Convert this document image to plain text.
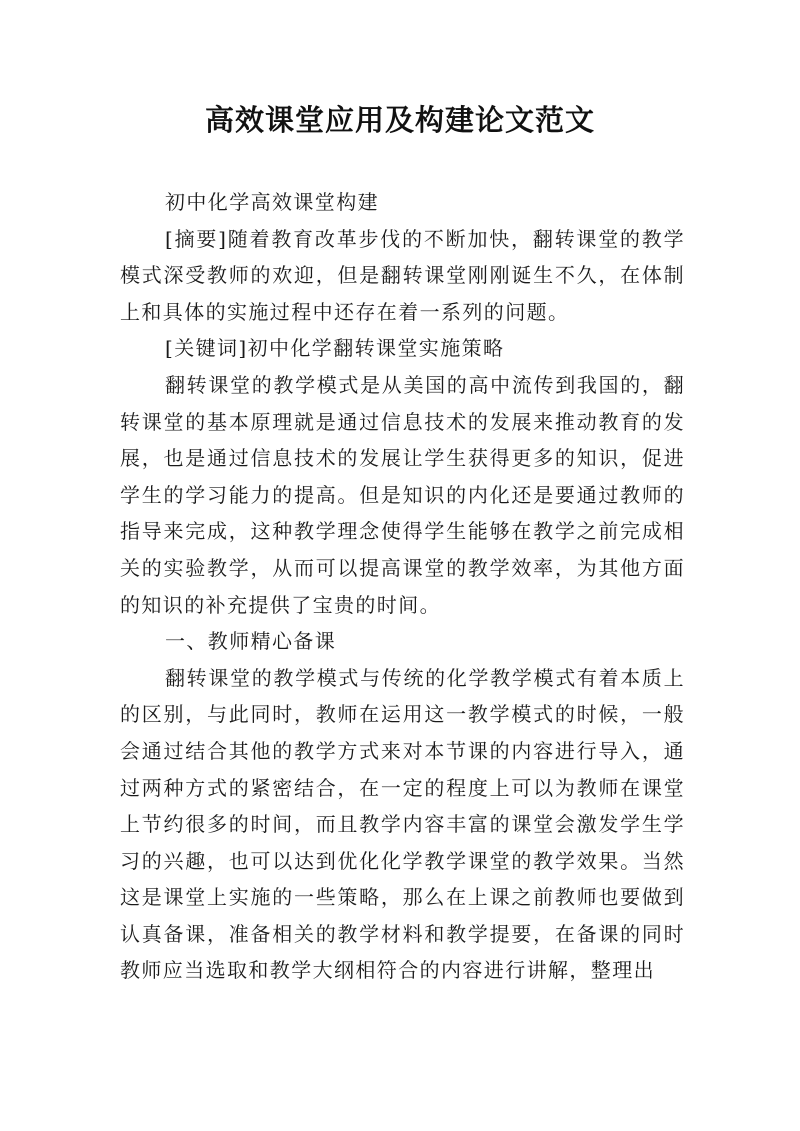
高效课堂应用及构建论文范文

初中化学高效课堂构建

[摘要]随着教育改革步伐的不断加快，翻转课堂的教学模式深受教师的欢迎，但是翻转课堂刚刚诞生不久，在体制上和具体的实施过程中还存在着一系列的问题。

[关键词]初中化学翻转课堂实施策略

翻转课堂的教学模式是从美国的高中流传到我国的，翻转课堂的基本原理就是通过信息技术的发展来推动教育的发展，也是通过信息技术的发展让学生获得更多的知识，促进学生的学习能力的提高。但是知识的内化还是要通过教师的指导来完成，这种教学理念使得学生能够在教学之前完成相关的实验教学，从而可以提高课堂的教学效率，为其他方面的知识的补充提供了宝贵的时间。

一、教师精心备课

翻转课堂的教学模式与传统的化学教学模式有着本质上的区别，与此同时，教师在运用这一教学模式的时候，一般会通过结合其他的教学方式来对本节课的内容进行导入，通过两种方式的紧密结合，在一定的程度上可以为教师在课堂上节约很多的时间，而且教学内容丰富的课堂会激发学生学习的兴趣，也可以达到优化化学教学课堂的教学效果。当然这是课堂上实施的一些策略，那么在上课之前教师也要做到认真备课，准备相关的教学材料和教学提要，在备课的同时教师应当选取和教学大纲相符合的内容进行讲解，整理出
